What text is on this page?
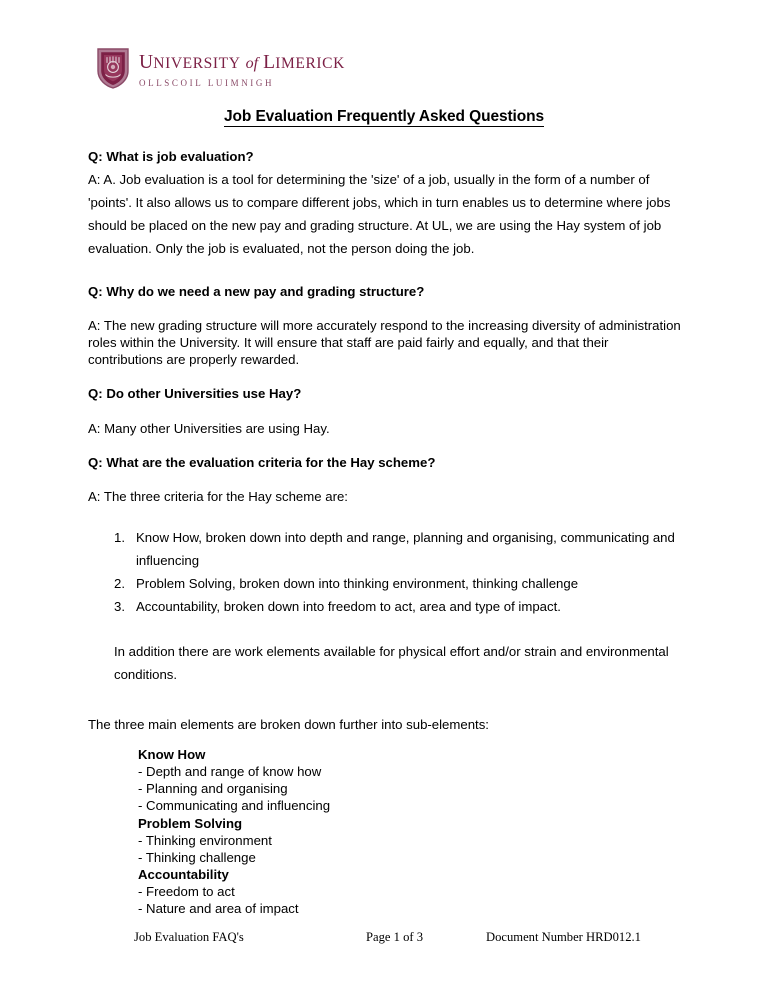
UNIVERSITY of LIMERICK
OLLSCOIL LUIMNIGH
Job Evaluation Frequently Asked Questions

Q: What is job evaluation?

A: A. Job evaluation is a tool for determining the 'size' of a job, usually in the form of a number of 'points'. It also allows us to compare different jobs, which in turn enables us to determine where jobs should be placed on the new pay and grading structure. At UL, we are using the Hay system of job evaluation. Only the job is evaluated, not the person doing the job.

Q: Why do we need a new pay and grading structure?

A: The new grading structure will more accurately respond to the increasing diversity of administration roles within the University. It will ensure that staff are paid fairly and equally, and that their contributions are properly rewarded.

Q: Do other Universities use Hay?

A: Many other Universities are using Hay.

Q: What are the evaluation criteria for the Hay scheme?

A: The three criteria for the Hay scheme are:

1. Know How, broken down into depth and range, planning and organising, communicating and influencing
2. Problem Solving, broken down into thinking environment, thinking challenge
3. Accountability, broken down into freedom to act, area and type of impact.

In addition there are work elements available for physical effort and/or strain and environmental conditions.

The three main elements are broken down further into sub-elements:

Know How
- Depth and range of know how
- Planning and organising
- Communicating and influencing
Problem Solving
- Thinking environment
- Thinking challenge
Accountability
- Freedom to act
- Nature and area of impact
Job Evaluation FAQ's	Page 1 of 3	Document Number HRD012.1
